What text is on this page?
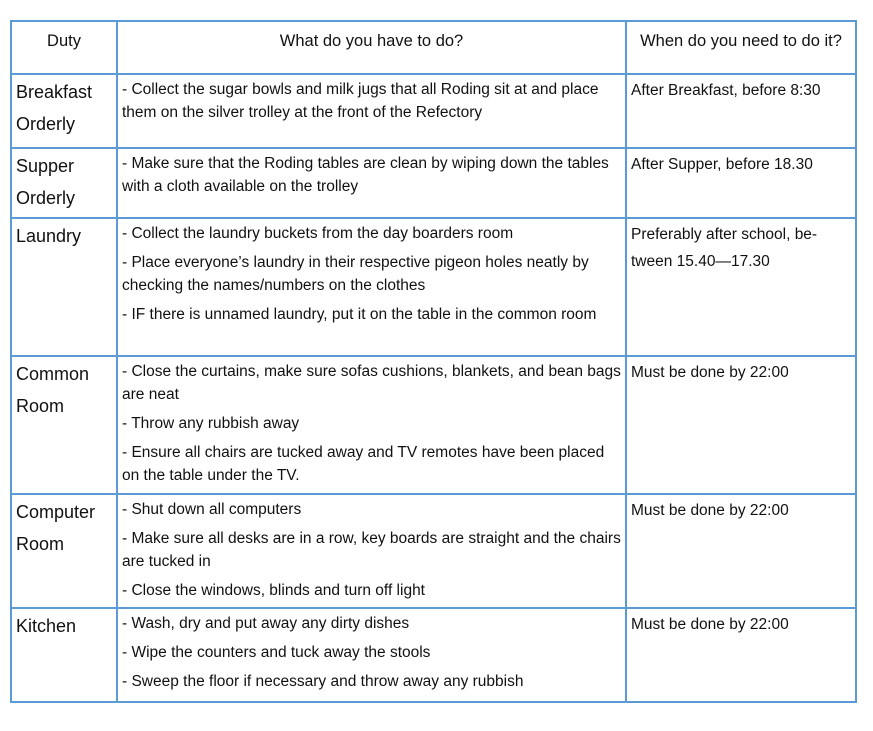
Duty	What do you have to do?	When do you need to do it?
Breakfast Orderly	- Collect the sugar bowls and milk jugs that all Roding sit at and place them on the silver trolley at the front of the Refectory	After Breakfast, before 8:30
Supper Orderly	- Make sure that the Roding tables are clean by wiping down the tables with a cloth available on the trolley	After Supper, before 18.30
Laundry	- Collect the laundry buckets from the day boarders room
- Place everyone’s laundry in their respective pigeon holes neatly by checking the names/numbers on the clothes
- IF there is unnamed laundry, put it on the table in the common room	Preferably after school, be-tween 15.40—17.30
Common Room	- Close the curtains, make sure sofas cushions, blankets, and bean bags are neat
- Throw any rubbish away
- Ensure all chairs are tucked away and TV remotes have been placed on the table under the TV.	Must be done by 22:00
Computer Room	- Shut down all computers
- Make sure all desks are in a row, key boards are straight and the chairs are tucked in
- Close the windows, blinds and turn off light	Must be done by 22:00
Kitchen	- Wash, dry and put away any dirty dishes
- Wipe the counters and tuck away the stools
- Sweep the floor if necessary and throw away any rubbish	Must be done by 22:00
